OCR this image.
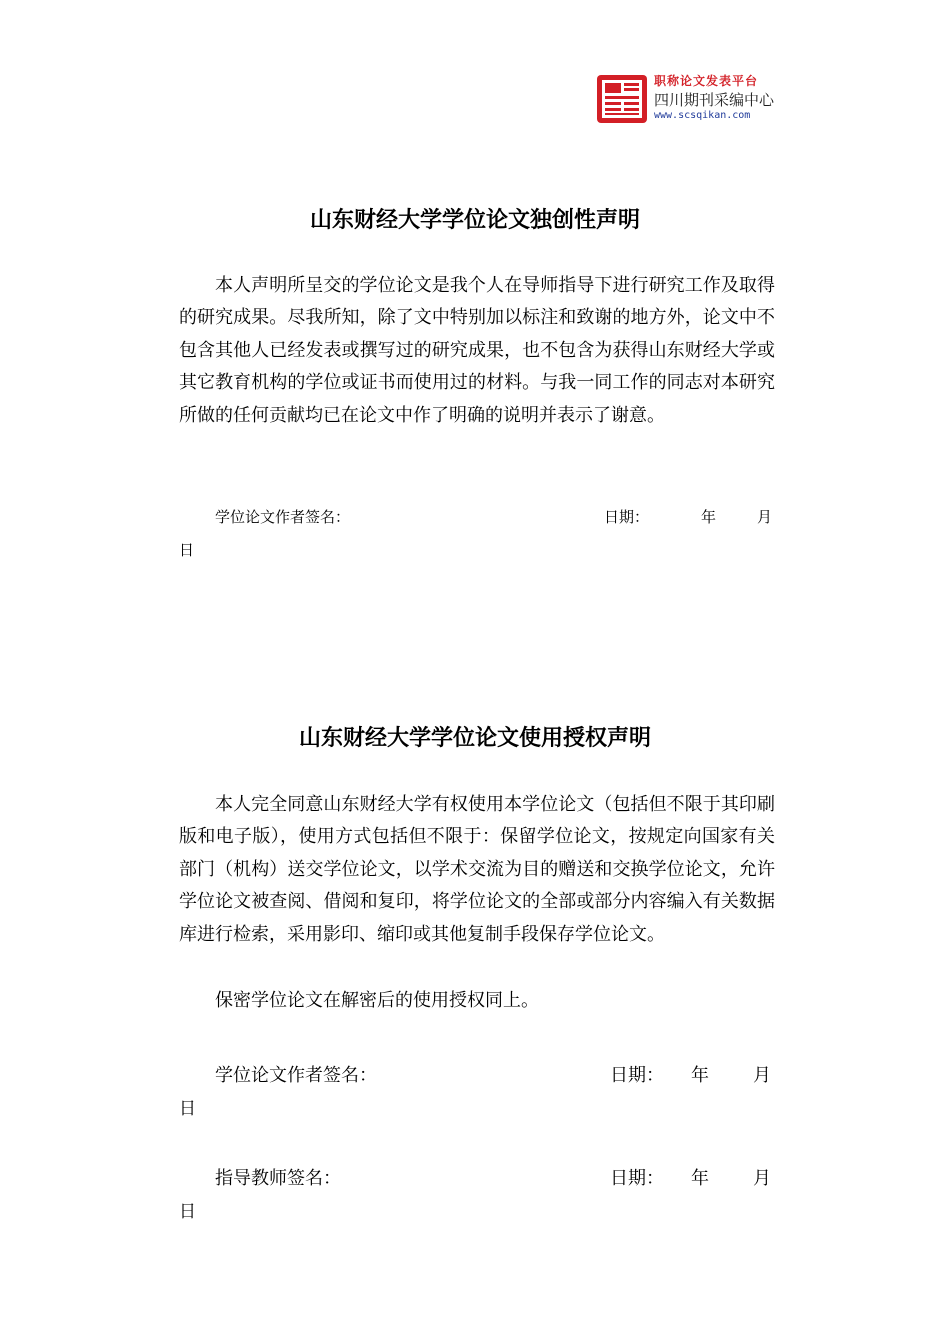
职称论文发表平台
四川期刊采编中心
www.scsqikan.com
山东财经大学学位论文独创性声明

本人声明所呈交的学位论文是我个人在导师指导下进行研究工作及取得的研究成果。尽我所知，除了文中特别加以标注和致谢的地方外，论文中不包含其他人已经发表或撰写过的研究成果，也不包含为获得山东财经大学或其它教育机构的学位或证书而使用过的材料。与我一同工作的同志对本研究所做的任何贡献均已在论文中作了明确的说明并表示了谢意。

学位论文作者签名：	日期：	年	月
日
山东财经大学学位论文使用授权声明

本人完全同意山东财经大学有权使用本学位论文（包括但不限于其印刷版和电子版），使用方式包括但不限于：保留学位论文，按规定向国家有关部门（机构）送交学位论文，以学术交流为目的赠送和交换学位论文，允许学位论文被查阅、借阅和复印，将学位论文的全部或部分内容编入有关数据库进行检索，采用影印、缩印或其他复制手段保存学位论文。

保密学位论文在解密后的使用授权同上。

学位论文作者签名：	日期： 年 月
日
指导教师签名：	日期： 年 月
日
